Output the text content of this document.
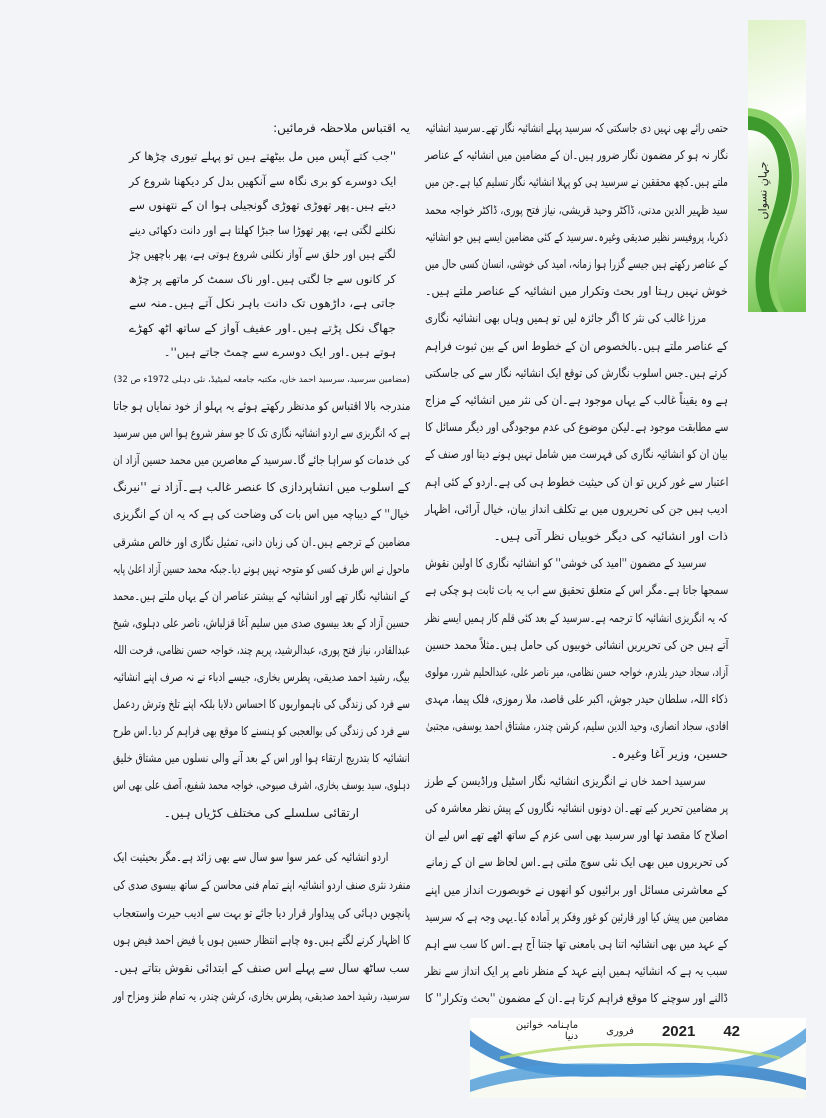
جہانِ نسواں
حتمی رائے بھی نہیں دی جاسکتی کہ سرسید پہلے انشائیہ نگار تھے۔سرسید انشائیہ
نگار نہ ہو کر مضمون نگار ضرور ہیں۔ان کے مضامین میں انشائیہ کے عناصر
ملتے ہیں۔کچھ محققین نے سرسید ہی کو پہلا انشائیہ نگار تسلیم کیا ہے۔جن میں
سید ظہیر الدین مدنی، ڈاکٹر وحید قریشی، نیاز فتح پوری، ڈاکٹر خواجہ محمد
ذکریا، پروفیسر نظیر صدیقی وغیرہ۔سرسید کے کئی مضامین ایسے ہیں جو انشائیہ
کے عناصر رکھتے ہیں جیسے گزرا ہوا زمانہ، امید کی خوشی، انسان کسی حال میں
خوش نہیں رہتا اور بحث وتکرار میں انشائیہ کے عناصر ملتے ہیں۔
مرزا غالب کی نثر کا اگر جائزہ لیں تو ہمیں وہاں بھی انشائیہ نگاری
کے عناصر ملتے ہیں۔بالخصوص ان کے خطوط اس کے بین ثبوت فراہم
کرتے ہیں۔جس اسلوب نگارش کی توقع ایک انشائیہ نگار سے کی جاسکتی
ہے وہ یقیناً غالب کے یہاں موجود ہے۔ان کی نثر میں انشائیہ کے مزاج
سے مطابقت موجود ہے۔لیکن موضوع کی عدم موجودگی اور دیگر مسائل کا
بیان ان کو انشائیہ نگاری کی فہرست میں شامل نہیں ہونے دیتا اور صنف کے
اعتبار سے غور کریں تو ان کی حیثیت خطوط ہی کی ہے۔اردو کے کئی اہم
ادیب ہیں جن کی تحریروں میں بے تکلف انداز بیان، خیال آرائی، اظہار
ذات اور انشائیہ کی دیگر خوبیاں نظر آتی ہیں۔
سرسید کے مضمون ''امید کی خوشی'' کو انشائیہ نگاری کا اولین نقوش
سمجھا جاتا ہے۔مگر اس کے متعلق تحقیق سے اب یہ بات ثابت ہو چکی ہے
کہ یہ انگریزی انشائیہ کا ترجمہ ہے۔سرسید کے بعد کئی قلم کار ہمیں ایسے نظر
آتے ہیں جن کی تحریریں انشائی خوبیوں کی حامل ہیں۔مثلاً محمد حسین
آزاد، سجاد حیدر یلدرم، خواجہ حسن نظامی، میر ناصر علی، عبدالحلیم شرر، مولوی
ذکاء اللہ، سلطان حیدر جوش، اکبر علی قاصد، ملا رموزی، فلک پیما، مہدی
افادی، سجاد انصاری، وحید الدین سلیم، کرشن چندر، مشتاق احمد یوسفی، مجتبیٰ
حسین، وزیر آغا وغیرہ۔
سرسید احمد خاں نے انگریزی انشائیہ نگار اسٹیل وراڈیسن کے طرز
پر مضامین تحریر کیے تھے۔ان دونوں انشائیہ نگاروں کے پیش نظر معاشرہ کی
اصلاح کا مقصد تھا اور سرسید بھی اسی عزم کے ساتھ اٹھے تھے اس لیے ان
کی تحریروں میں بھی ایک نئی سوچ ملتی ہے۔اس لحاظ سے ان کے زمانے
کے معاشرتی مسائل اور برائیوں کو انھوں نے خوبصورت انداز میں اپنے
مضامین میں پیش کیا اور قارئین کو غور وفکر پر آمادہ کیا۔یہی وجہ ہے کہ سرسید
کے عہد میں بھی انشائیہ اتنا ہی بامعنی تھا جتنا آج ہے۔اس کا سب سے اہم
سبب یہ ہے کہ انشائیہ ہمیں اپنے عہد کے منظر نامے پر ایک انداز سے نظر
ڈالنے اور سوچنے کا موقع فراہم کرتا ہے۔ان کے مضمون ''بحث وتکرار'' کا
یہ اقتباس ملاحظہ فرمائیں:
''جب کتے آپس میں مل بیٹھتے ہیں تو پہلے تیوری چڑھا کر
ایک دوسرے کو بری نگاہ سے آنکھیں بدل کر دیکھنا شروع کر
دیتے ہیں۔پھر تھوڑی تھوڑی گونجیلی ہوا ان کے نتھنوں سے
نکلنے لگتی ہے، پھر تھوڑا سا جبڑا کھلتا ہے اور دانت دکھائی دینے
لگتے ہیں اور حلق سے آواز نکلنی شروع ہوتی ہے، پھر باچھیں چڑ
کر کانوں سے جا لگتی ہیں۔اور ناک سمٹ کر ماتھے پر چڑھ
جاتی ہے، داڑھوں تک دانت باہر نکل آتے ہیں۔منہ سے
جھاگ نکل پڑتے ہیں۔اور عفیف آواز کے ساتھ اٹھ کھڑے
ہوتے ہیں۔اور ایک دوسرے سے چمٹ جاتے ہیں''۔
(مضامین سرسید، سرسید احمد خاں، مکتبہ جامعہ لمیٹیڈ، نئی دہلی 1972ء ص 32)
مندرجہ بالا اقتباس کو مدنظر رکھتے ہوئے یہ پہلو از خود نمایاں ہو جاتا
ہے کہ انگریزی سے اردو انشائیہ نگاری تک کا جو سفر شروع ہوا اس میں سرسید
کی خدمات کو سراہا جائے گا۔سرسید کے معاصرین میں محمد حسین آزاد ان
کے اسلوب میں انشاپردازی کا عنصر غالب ہے۔آزاد نے ''نیرنگ
خیال'' کے دیباچہ میں اس بات کی وضاحت کی ہے کہ یہ ان کے انگریزی
مضامین کے ترجمے ہیں۔ان کی زبان دانی، تمثیل نگاری اور خالص مشرقی
ماحول نے اس طرف کسی کو متوجہ نہیں ہونے دیا۔جبکہ محمد حسین آزاد اعلیٰ پایہ
کے انشائیہ نگار تھے اور انشائیہ کے بیشتر عناصر ان کے یہاں ملتے ہیں۔محمد
حسین آزاد کے بعد بیسوی صدی میں سلیم آغا قزلباش، ناصر علی دہلوی، شیخ
عبدالقادر، نیاز فتح پوری، عبدالرشید، پریم چند، خواجہ حسن نظامی، فرحت اللہ
بیگ، رشید احمد صدیقی، پطرس بخاری، جیسے ادباء نے نہ صرف اپنے انشائیہ
سے فرد کی زندگی کی ناہمواریوں کا احساس دلایا بلکہ اپنے تلخ وترش ردعمل
سے فرد کی زندگی کی بوالعجبی کو ہنسنے کا موقع بھی فراہم کر دیا۔اس طرح
انشائیہ کا بتدریج ارتقاء ہوا اور اس کے بعد آنے والی نسلوں میں مشتاق خلیق
دہلوی، سید یوسف بخاری، اشرف صبوحی، خواجہ محمد شفیع، آصف علی بھی اس
ارتقائی سلسلے کی مختلف کڑیاں ہیں۔
اردو انشائیہ کی عمر سوا سو سال سے بھی زائد ہے۔مگر بحیثیت ایک
منفرد نثری صنف اردو انشائیہ اپنے تمام فنی محاسن کے ساتھ بیسوی صدی کی
پانچویں دہائی کی پیداوار قرار دیا جائے تو بہت سے ادیب حیرت واستعجاب
کا اظہار کرنے لگتے ہیں۔وہ چاہے انتظار حسین ہوں یا فیض احمد فیض ہوں
سب ساٹھ سال سے پہلے اس صنف کے ابتدائی نقوش بتاتے ہیں۔
سرسید، رشید احمد صدیقی، پطرس بخاری، کرشن چندر، یہ تمام طنز ومزاح اور
ماہنامہ خواتین دنیا	فروری 2021 42
